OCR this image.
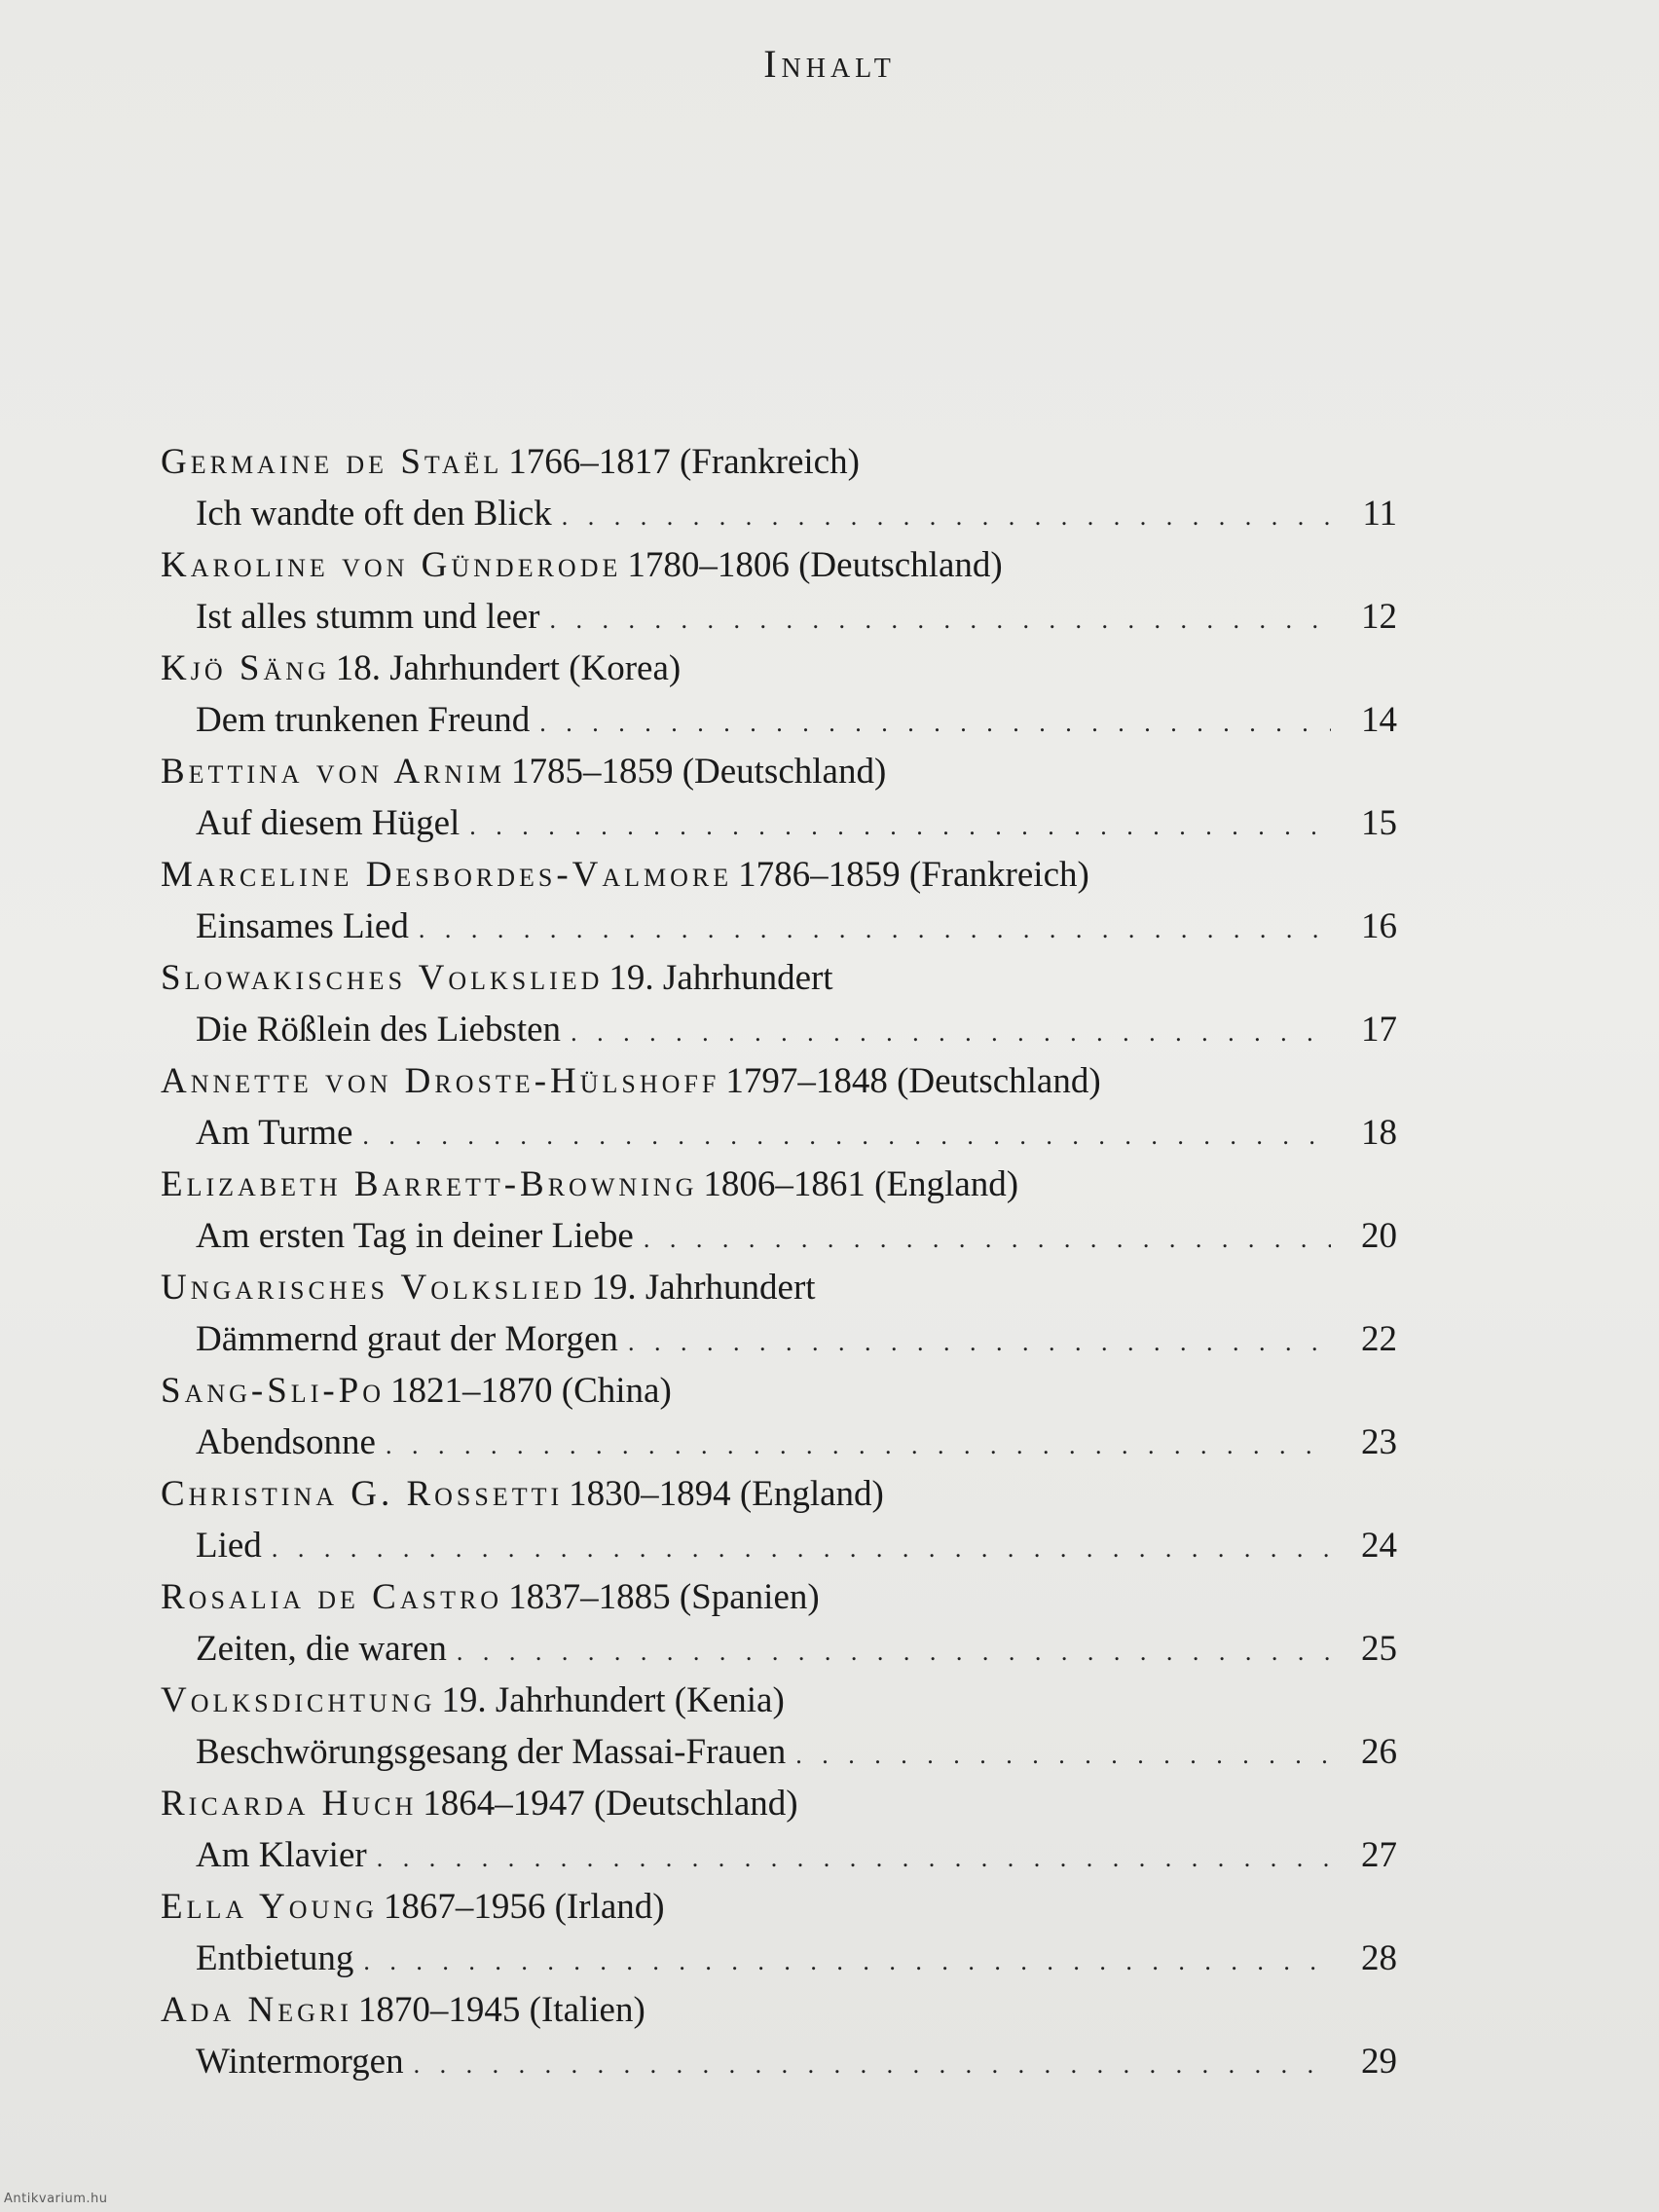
Inhalt
Germaine de Staël 1766–1817 (Frankreich)
Ich wandte oft den Blick . . .	11
Karoline von Günderode 1780–1806 (Deutschland)
Ist alles stumm und leer . . .	12
Kjö Säng 18. Jahrhundert (Korea)
Dem trunkenen Freund . . .	14
Bettina von Arnim 1785–1859 (Deutschland)
Auf diesem Hügel . . .	15
Marceline Desbordes-Valmore 1786–1859 (Frankreich)
Einsames Lied . . .	16
Slowakisches Volkslied 19. Jahrhundert
Die Rößlein des Liebsten . . .	17
Annette von Droste-Hülshoff 1797–1848 (Deutschland)
Am Turme . . .	18
Elizabeth Barrett-Browning 1806–1861 (England)
Am ersten Tag in deiner Liebe . . .	20
Ungarisches Volkslied 19. Jahrhundert
Dämmernd graut der Morgen . . .	22
Sang-Sli-Po 1821–1870 (China)
Abendsonne . . .	23
Christina G. Rossetti 1830–1894 (England)
Lied . . .	24
Rosalia de Castro 1837–1885 (Spanien)
Zeiten, die waren . . .	25
Volksdichtung 19. Jahrhundert (Kenia)
Beschwörungsgesang der Massai-Frauen . . .	26
Ricarda Huch 1864–1947 (Deutschland)
Am Klavier . . .	27
Ella Young 1867–1956 (Irland)
Entbietung . . .	28
Ada Negri 1870–1945 (Italien)
Wintermorgen . . .	29
Antikvarium.hu
